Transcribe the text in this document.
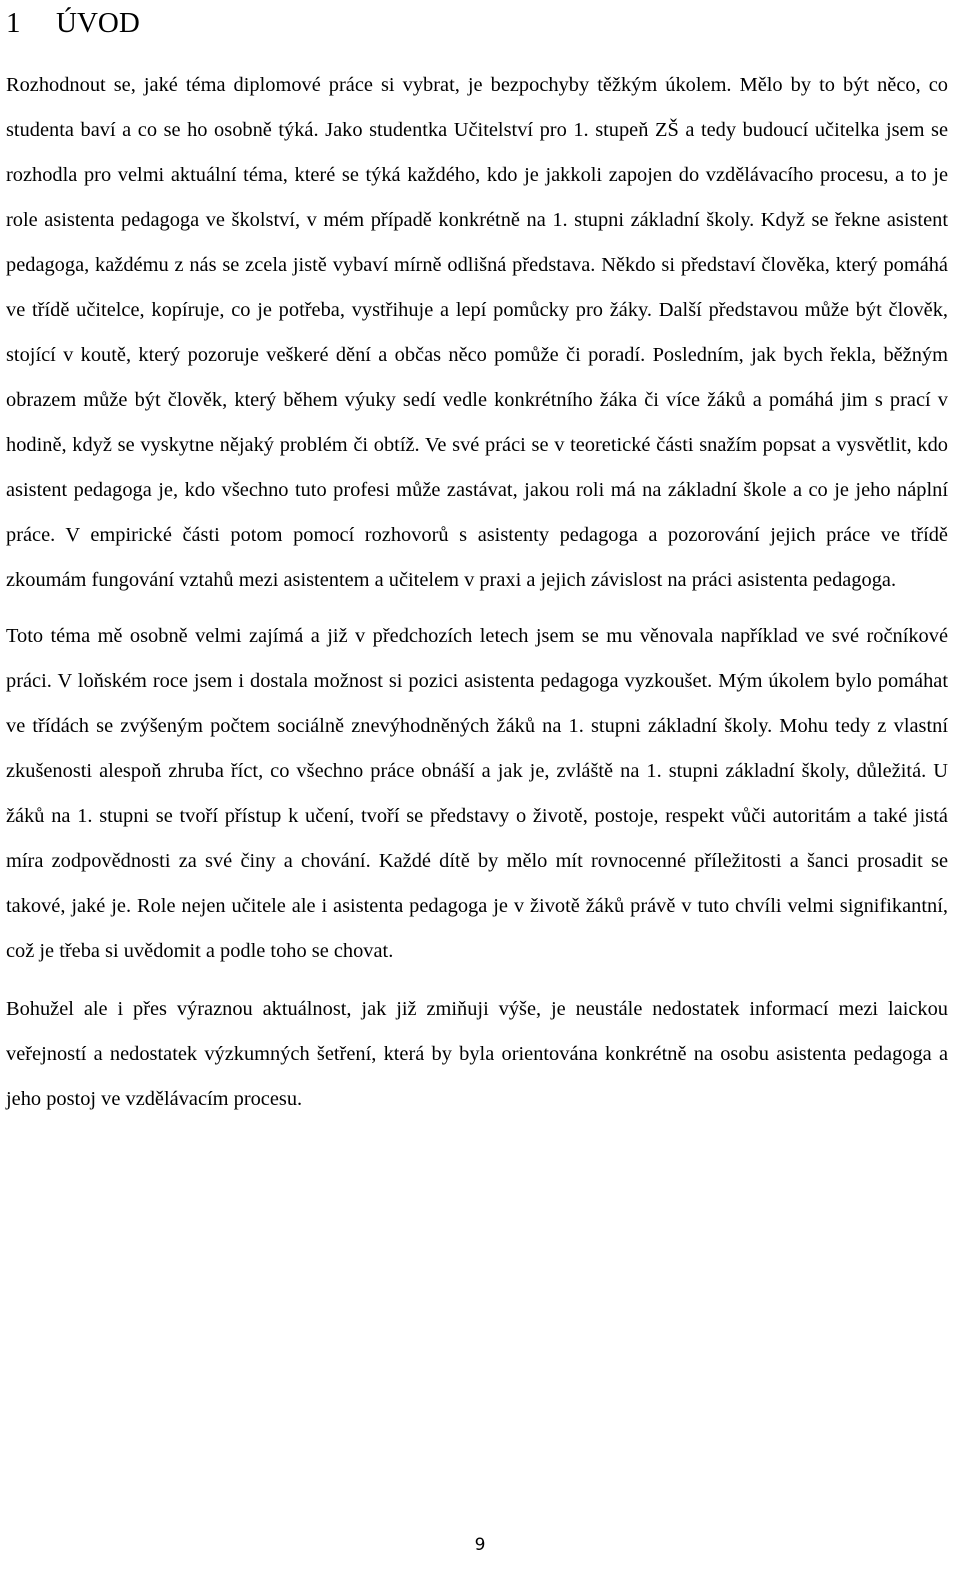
1 ÚVOD

Rozhodnout se, jaké téma diplomové práce si vybrat, je bezpochyby těžkým úkolem. Mělo by to být něco, co studenta baví a co se ho osobně týká. Jako studentka Učitelství pro 1. stupeň ZŠ a tedy budoucí učitelka jsem se rozhodla pro velmi aktuální téma, které se týká každého, kdo je jakkoli zapojen do vzdělávacího procesu, a to je role asistenta pedagoga ve školství, v mém případě konkrétně na 1. stupni základní školy. Když se řekne asistent pedagoga, každému z nás se zcela jistě vybaví mírně odlišná představa. Někdo si představí člověka, který pomáhá ve třídě učitelce, kopíruje, co je potřeba, vystřihuje a lepí pomůcky pro žáky. Další představou může být člověk, stojící v koutě, který pozoruje veškeré dění a občas něco pomůže či poradí. Posledním, jak bych řekla, běžným obrazem může být člověk, který během výuky sedí vedle konkrétního žáka či více žáků a pomáhá jim s prací v hodině, když se vyskytne nějaký problém či obtíž. Ve své práci se v teoretické části snažím popsat a vysvětlit, kdo asistent pedagoga je, kdo všechno tuto profesi může zastávat, jakou roli má na základní škole a co je jeho náplní práce. V empirické části potom pomocí rozhovorů s asistenty pedagoga a pozorování jejich práce ve třídě zkoumám fungování vztahů mezi asistentem a učitelem v praxi a jejich závislost na práci asistenta pedagoga.

Toto téma mě osobně velmi zajímá a již v předchozích letech jsem se mu věnovala například ve své ročníkové práci. V loňském roce jsem i dostala možnost si pozici asistenta pedagoga vyzkoušet. Mým úkolem bylo pomáhat ve třídách se zvýšeným počtem sociálně znevýhodněných žáků na 1. stupni základní školy. Mohu tedy z vlastní zkušenosti alespoň zhruba říct, co všechno práce obnáší a jak je, zvláště na 1. stupni základní školy, důležitá. U žáků na 1. stupni se tvoří přístup k učení, tvoří se představy o životě, postoje, respekt vůči autoritám a také jistá míra zodpovědnosti za své činy a chování. Každé dítě by mělo mít rovnocenné příležitosti a šanci prosadit se takové, jaké je. Role nejen učitele ale i asistenta pedagoga je v životě žáků právě v tuto chvíli velmi signifikantní, což je třeba si uvědomit a podle toho se chovat.

Bohužel ale i přes výraznou aktuálnost, jak již zmiňuji výše, je neustále nedostatek informací mezi laickou veřejností a nedostatek výzkumných šetření, která by byla orientována konkrétně na osobu asistenta pedagoga a jeho postoj ve vzdělávacím procesu.

9
